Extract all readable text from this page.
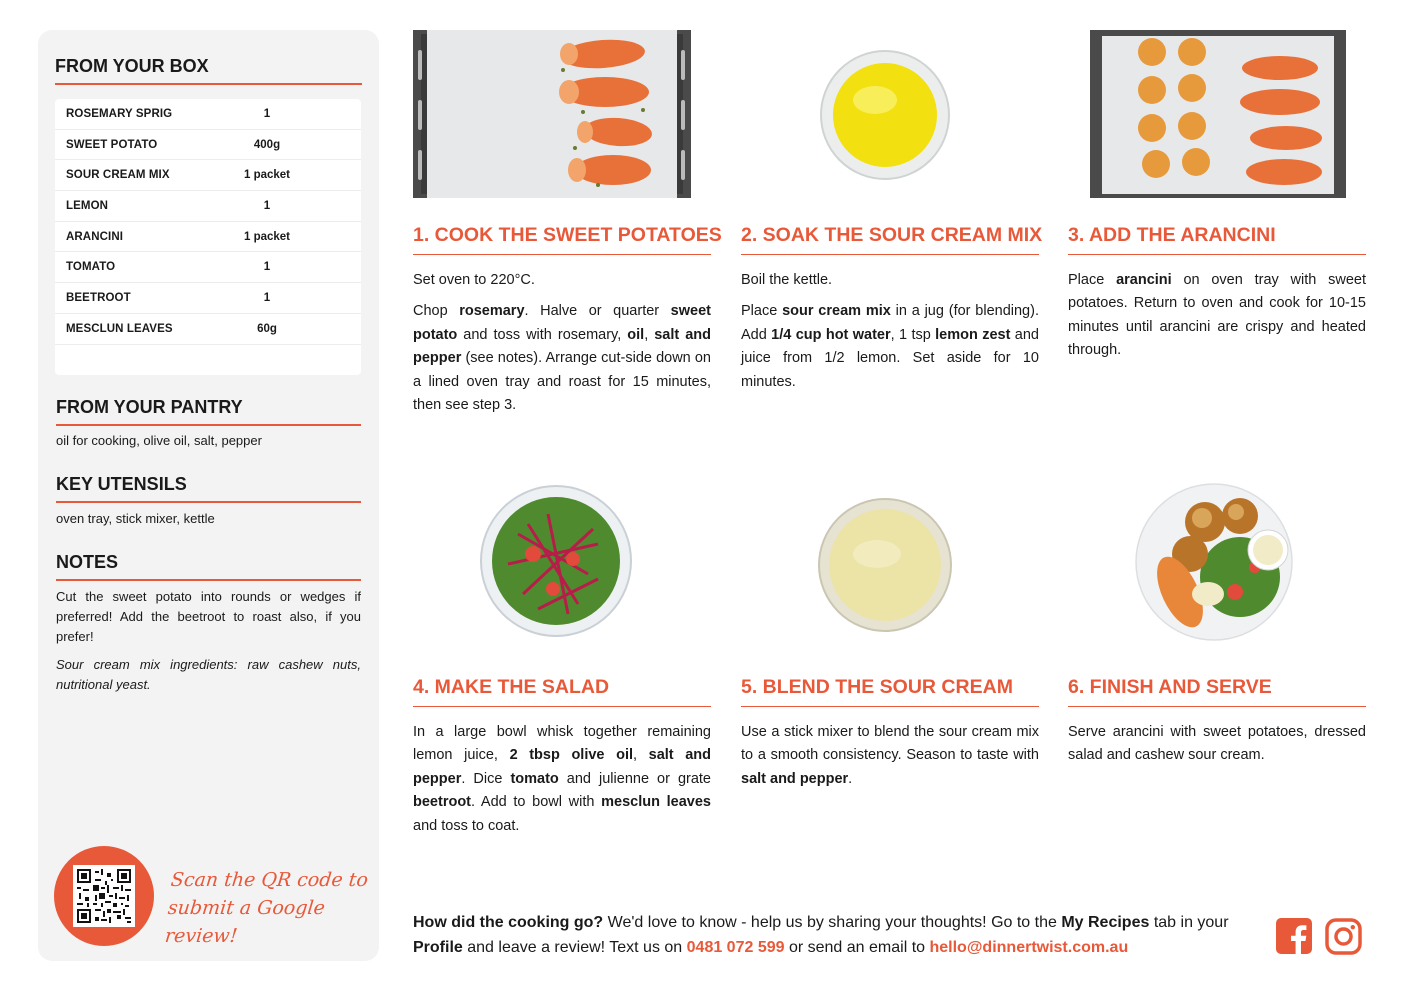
FROM YOUR BOX
ROSEMARY SPRIG	1
SWEET POTATO	400g
SOUR CREAM MIX	1 packet
LEMON	1
ARANCINI	1 packet
TOMATO	1
BEETROOT	1
MESCLUN LEAVES	60g
FROM YOUR PANTRY
oil for cooking, olive oil, salt, pepper
KEY UTENSILS
oven tray, stick mixer, kettle
NOTES
Cut the sweet potato into rounds or wedges if preferred! Add the beetroot to roast also, if you prefer!
Sour cream mix ingredients: raw cashew nuts, nutritional yeast.
Scan the QR code to
submit a Google review!
1. COOK THE SWEET POTATOES

Set oven to 220°C.

Chop rosemary. Halve or quarter sweet potato and toss with rosemary, oil, salt and pepper (see notes). Arrange cut-side down on a lined oven tray and roast for 15 minutes, then see step 3.

2. SOAK THE SOUR CREAM MIX

Boil the kettle.

Place sour cream mix in a jug (for blending). Add 1/4 cup hot water, 1 tsp lemon zest and juice from 1/2 lemon. Set aside for 10 minutes.

3. ADD THE ARANCINI

Place arancini on oven tray with sweet potatoes. Return to oven and cook for 10-15 minutes until arancini are crispy and heated through.

4. MAKE THE SALAD

In a large bowl whisk together remaining lemon juice, 2 tbsp olive oil, salt and pepper. Dice tomato and julienne or grate beetroot. Add to bowl with mesclun leaves and toss to coat.

5. BLEND THE SOUR CREAM

Use a stick mixer to blend the sour cream mix to a smooth consistency. Season to taste with salt and pepper.

6. FINISH AND SERVE

Serve arancini with sweet potatoes, dressed salad and cashew sour cream.

How did the cooking go? We'd love to know - help us by sharing your thoughts! Go to the My Recipes tab in your Profile and leave a review! Text us on 0481 072 599 or send an email to hello@dinnertwist.com.au
